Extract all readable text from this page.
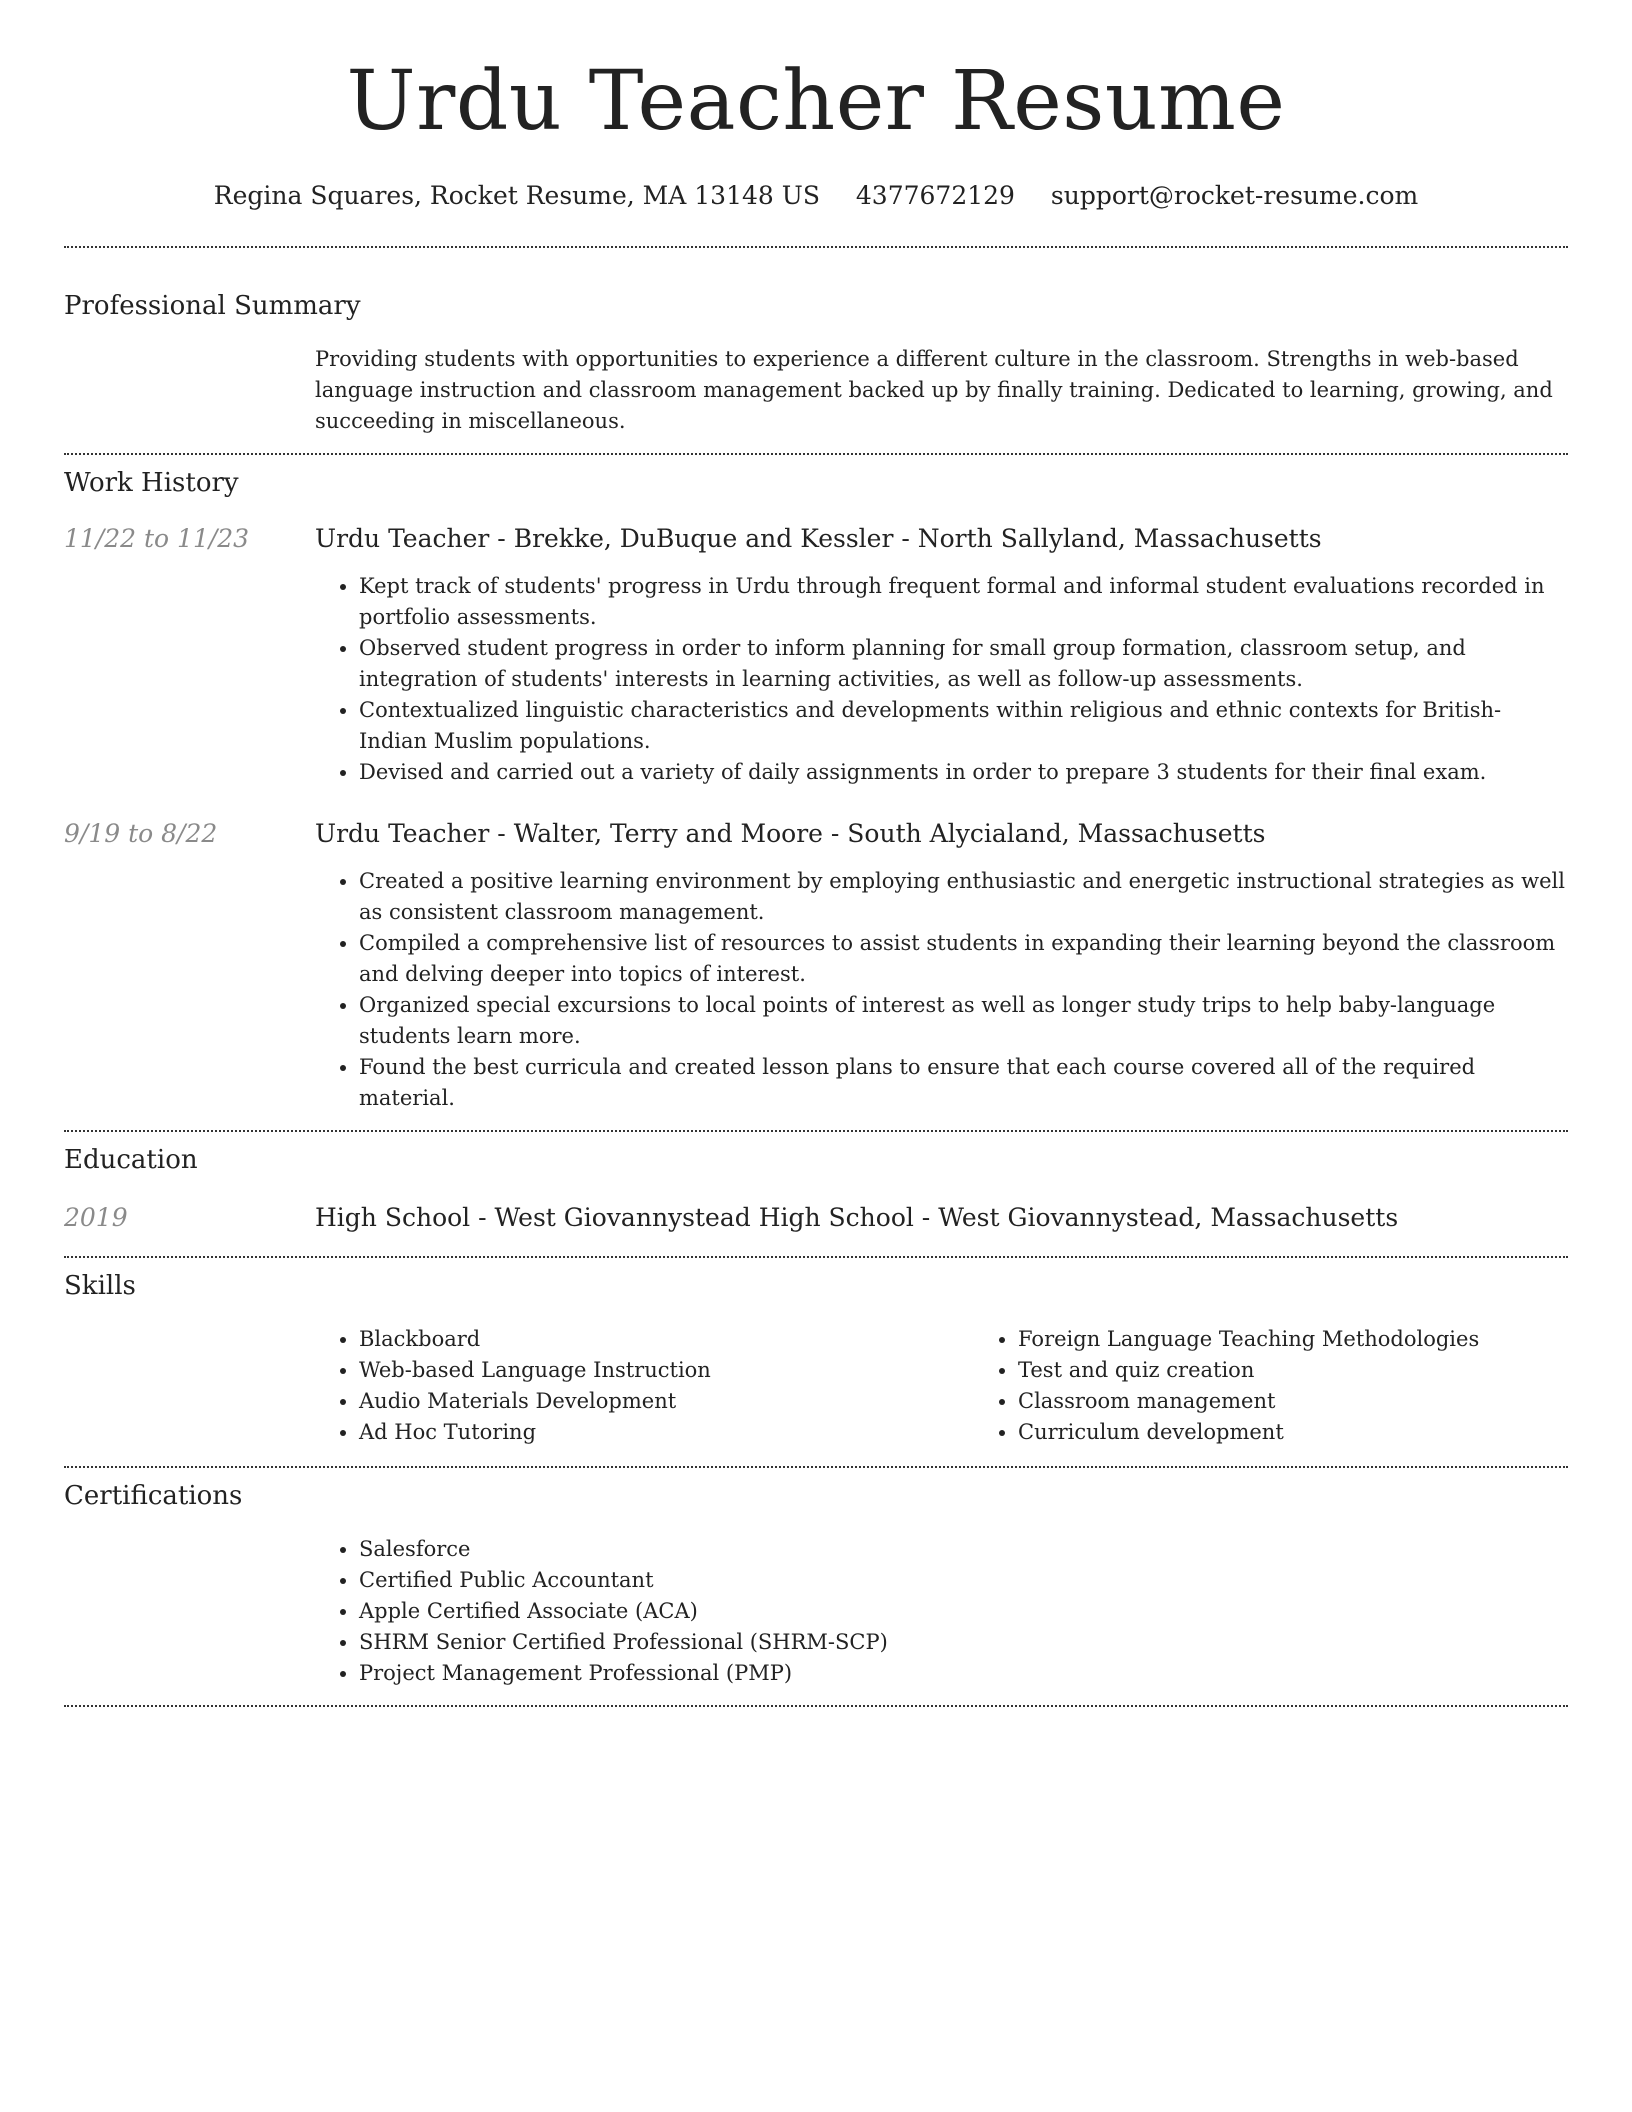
Urdu Teacher Resume
Regina Squares, Rocket Resume, MA 13148 US 4377672129 support@rocket-resume.com
Professional Summary

Providing students with opportunities to experience a different culture in the classroom. Strengths in web-based language instruction and classroom management backed up by finally training. Dedicated to learning, growing, and succeeding in miscellaneous.

Work History
11/22 to 11/23	Urdu Teacher - Brekke, DuBuque and Kessler - North Sallyland, Massachusetts
• Kept track of students' progress in Urdu through frequent formal and informal student evaluations recorded in portfolio assessments.
• Observed student progress in order to inform planning for small group formation, classroom setup, and integration of students' interests in learning activities, as well as follow-up assessments.
• Contextualized linguistic characteristics and developments within religious and ethnic contexts for British-Indian Muslim populations.
• Devised and carried out a variety of daily assignments in order to prepare 3 students for their final exam.
9/19 to 8/22	Urdu Teacher - Walter, Terry and Moore - South Alycialand, Massachusetts
• Created a positive learning environment by employing enthusiastic and energetic instructional strategies as well as consistent classroom management.
• Compiled a comprehensive list of resources to assist students in expanding their learning beyond the classroom and delving deeper into topics of interest.
• Organized special excursions to local points of interest as well as longer study trips to help baby-language students learn more.
• Found the best curricula and created lesson plans to ensure that each course covered all of the required material.
Education
2019	High School - West Giovannystead High School - West Giovannystead, Massachusetts
Skills
• Blackboard
• Web-based Language Instruction
• Audio Materials Development
• Ad Hoc Tutoring
• Foreign Language Teaching Methodologies
• Test and quiz creation
• Classroom management
• Curriculum development
Certifications
• Salesforce
• Certified Public Accountant
• Apple Certified Associate (ACA)
• SHRM Senior Certified Professional (SHRM-SCP)
• Project Management Professional (PMP)
